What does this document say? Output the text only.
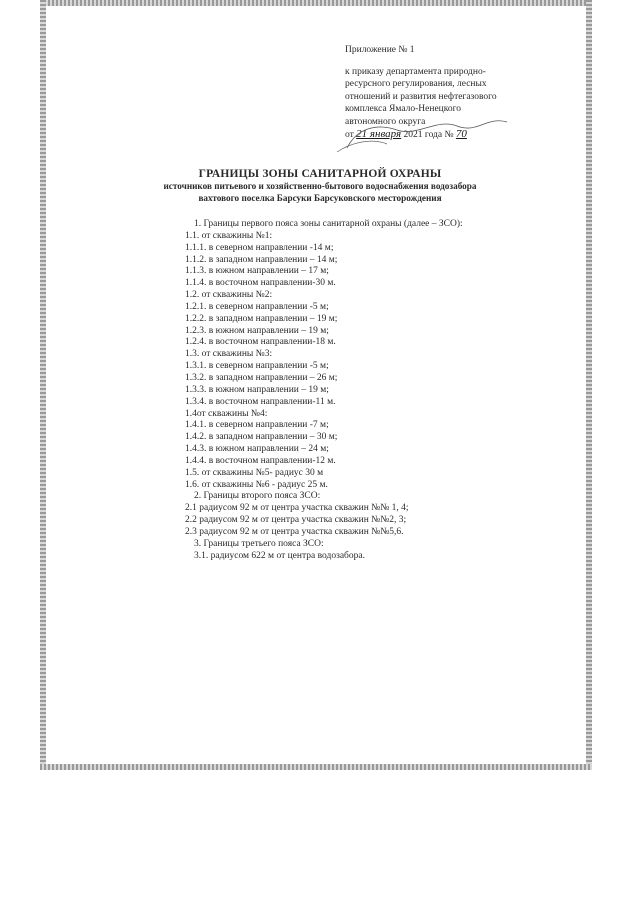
Приложение № 1
к приказу департамента природно-
ресурсного регулирования, лесных
отношений и развития нефтегазового
комплекса Ямало-Ненецкого
автономного округа
от 21 января 2021 года № 70
ГРАНИЦЫ ЗОНЫ САНИТАРНОЙ ОХРАНЫ
источников питьевого и хозяйственно-бытового водоснабжения водозабора
вахтового поселка Барсуки Барсуковского месторождения
1. Границы первого пояса зоны санитарной охраны (далее – ЗСО):
1.1. от скважины №1:
1.1.1. в северном направлении -14 м;
1.1.2. в западном направлении – 14 м;
1.1.3. в южном направлении – 17 м;
1.1.4. в восточном направлении-30 м.
1.2. от скважины №2:
1.2.1. в северном направлении -5 м;
1.2.2. в западном направлении – 19 м;
1.2.3. в южном направлении – 19 м;
1.2.4. в восточном направлении-18 м.
1.3. от скважины №3:
1.3.1. в северном направлении -5 м;
1.3.2. в западном направлении – 26 м;
1.3.3. в южном направлении – 19 м;
1.3.4. в восточном направлении-11 м.
1.4от скважины №4:
1.4.1. в северном направлении -7 м;
1.4.2. в западном направлении – 30 м;
1.4.3. в южном направлении – 24 м;
1.4.4. в восточном направлении-12 м.
1.5. от скважины №5- радиус 30 м
1.6. от скважины №6 - радиус 25 м.
2. Границы второго пояса ЗСО:
2.1 радиусом 92 м от центра участка скважин №№ 1, 4;
2.2 радиусом 92 м от центра участка скважин №№2, 3;
2.3 радиусом 92 м от центра участка скважин №№5,6.
3. Границы третьего пояса ЗСО:
3.1. радиусом 622 м от центра водозабора.
